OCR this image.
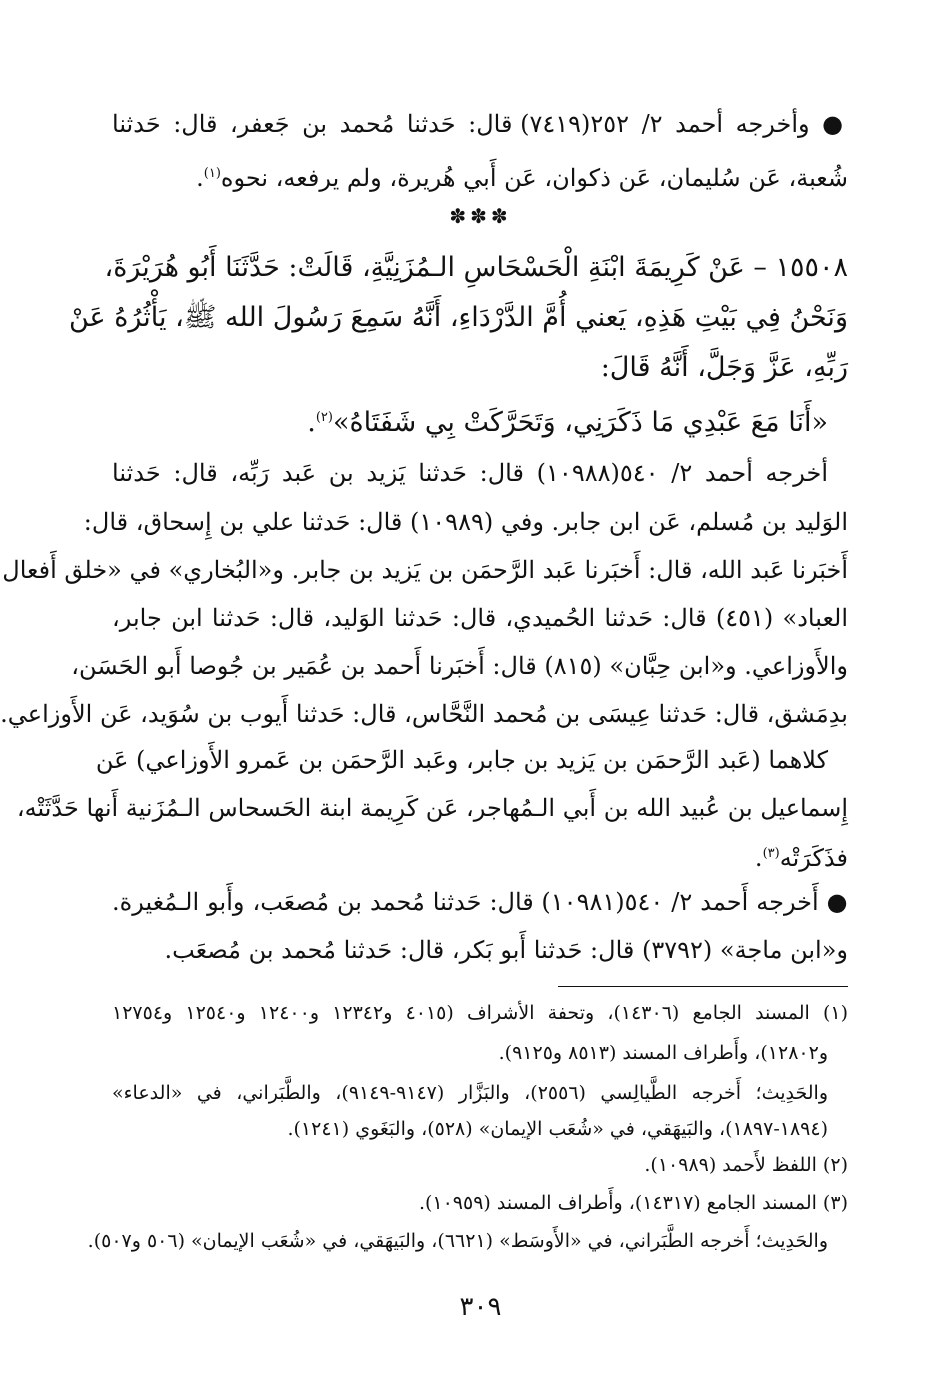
● وأخرجه أحمد ٢/ ٢٥٢(٧٤١٩) قال: حَدثنا مُحمد بن جَعفر، قال: حَدثنا
شُعبة، عَن سُليمان، عَن ذكوان، عَن أَبي هُريرة، ولم يرفعه، نحوه$^{(١)}$.
✽✽✽
١٥٥٠٨ – عَنْ كَرِيمَةَ ابْنَةِ الْحَسْحَاسِ الـمُزَنِيَّةِ، قَالَتْ: حَدَّثَنَا أَبُو هُرَيْرَةَ،
وَنَحْنُ فِي بَيْتِ هَذِهِ، يَعني أُمَّ الدَّرْدَاءِ، أَنَّهُ سَمِعَ رَسُولَ الله ﷺ، يَأْثُرُهُ عَنْ
رَبِّهِ، عَزَّ وَجَلَّ، أَنَّهُ قَالَ:
«أَنَا مَعَ عَبْدِي مَا ذَكَرَنِي، وَتَحَرَّكَتْ بِي شَفَتَاهُ»$^{(٢)}$.
أخرجه أحمد ٢/ ٥٤٠(١٠٩٨٨) قال: حَدثنا يَزيد بن عَبد رَبِّه، قال: حَدثنا
الوَليد بن مُسلم، عَن ابن جابر. وفي (١٠٩٨٩) قال: حَدثنا علي بن إِسحاق، قال:
أَخبَرنا عَبد الله، قال: أَخبَرنا عَبد الرَّحمَن بن يَزيد بن جابر. و«البُخاري» في «خلق أَفعال
العباد» (٤٥١) قال: حَدثنا الحُميدي، قال: حَدثنا الوَليد، قال: حَدثنا ابن جابر،
والأَوزاعي. و«ابن حِبَّان» (٨١٥) قال: أَخبَرنا أَحمد بن عُمَير بن جُوصا أَبو الحَسَن،
بدِمَشق، قال: حَدثنا عِيسَى بن مُحمد النَّحَّاس، قال: حَدثنا أَيوب بن سُوَيد، عَن الأَوزاعي.
كلاهما (عَبد الرَّحمَن بن يَزيد بن جابر، وعَبد الرَّحمَن بن عَمرو الأَوزاعي) عَن
إِسماعيل بن عُبيد الله بن أَبي الـمُهاجر، عَن كَرِيمة ابنة الحَسحاس الـمُزَنية أَنها حَدَّثَتْه،
فذَكَرَتْه$^{(٣)}$.
● أَخرجه أَحمد ٢/ ٥٤٠(١٠٩٨١) قال: حَدثنا مُحمد بن مُصعَب، وأَبو الـمُغيرة.
و«ابن ماجة» (٣٧٩٢) قال: حَدثنا أَبو بَكر، قال: حَدثنا مُحمد بن مُصعَب.
(١) المسند الجامع (١٤٣٠٦)، وتحفة الأشراف (٤٠١٥ و١٢٣٤٢ و١٢٤٠٠ و١٢٥٤٠ و١٢٧٥٤
و١٢٨٠٢)، وأَطراف المسند (٨٥١٣ و٩١٢٥).
والحَدِيث؛ أَخرجه الطَّيالِسي (٢٥٥٦)، والبَزَّار (٩١٤٧-٩١٤٩)، والطَّبَراني، في «الدعاء»
(١٨٩٤-١٨٩٧)، والبَيهَقي، في «شُعَب الإيمان» (٥٢٨)، والبَغَوي (١٢٤١).
(٢) اللفظ لأَحمد (١٠٩٨٩).
(٣) المسند الجامع (١٤٣١٧)، وأَطراف المسند (١٠٩٥٩).
والحَدِيث؛ أَخرجه الطَّبَراني، في «الأَوسَط» (٦٦٢١)، والبَيهَقي، في «شُعَب الإيمان» (٥٠٦ و٥٠٧).
٣٠٩
